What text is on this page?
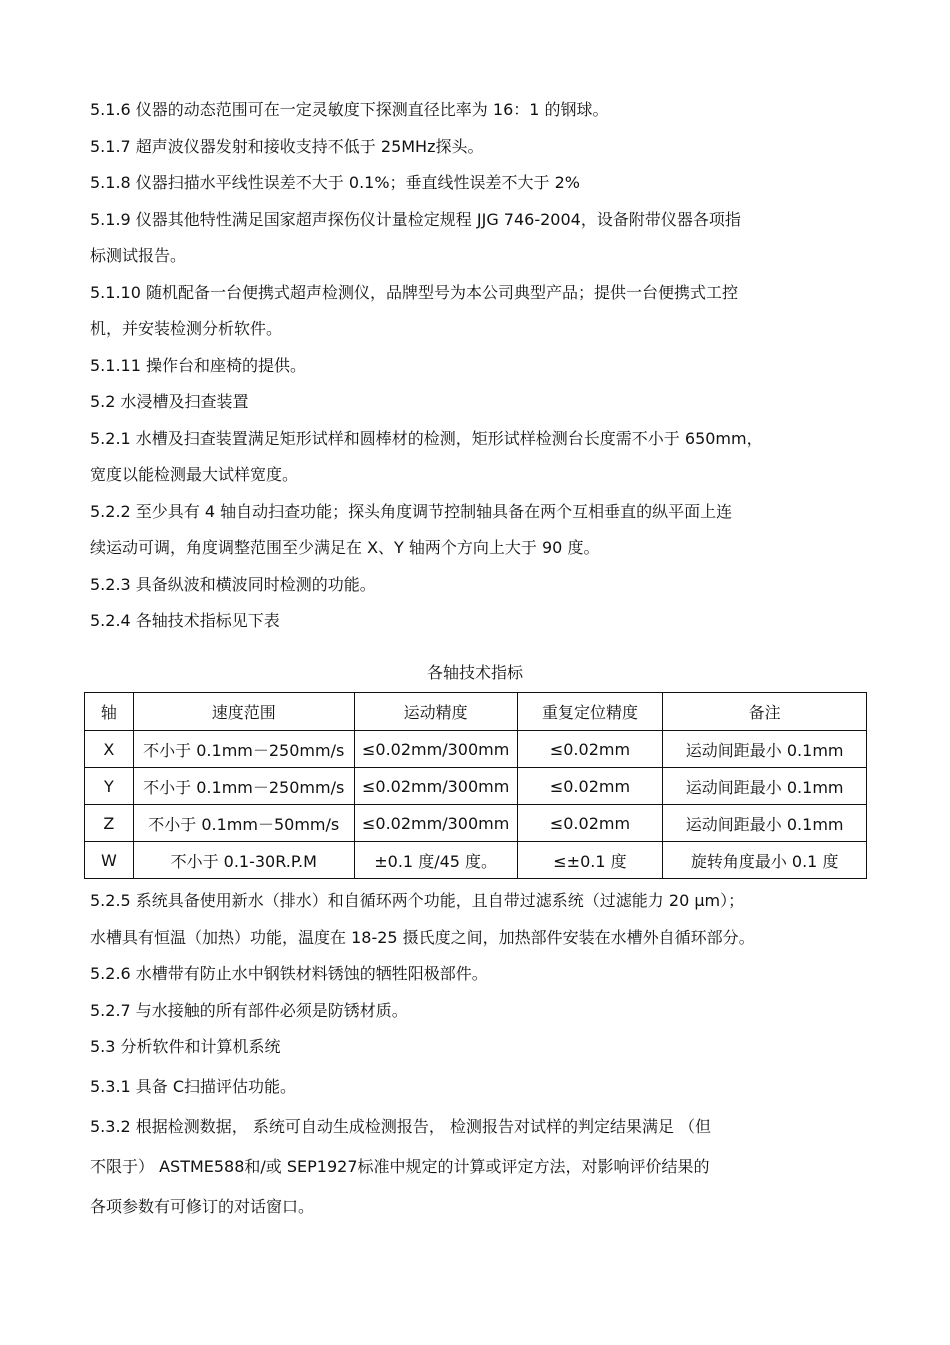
5.1.6 仪器的动态范围可在一定灵敏度下探测直径比率为 16：1 的钢球。
5.1.7 超声波仪器发射和接收支持不低于 25MHz探头。
5.1.8 仪器扫描水平线性误差不大于 0.1%；垂直线性误差不大于 2%
5.1.9 仪器其他特性满足国家超声探伤仪计量检定规程 JJG 746-2004，设备附带仪器各项指
标测试报告。
5.1.10 随机配备一台便携式超声检测仪，品牌型号为本公司典型产品；提供一台便携式工控
机，并安装检测分析软件。
5.1.11 操作台和座椅的提供。
5.2 水浸槽及扫查装置
5.2.1 水槽及扫查装置满足矩形试样和圆棒材的检测，矩形试样检测台长度需不小于 650mm，
宽度以能检测最大试样宽度。
5.2.2 至少具有 4 轴自动扫查功能；探头角度调节控制轴具备在两个互相垂直的纵平面上连
续运动可调，角度调整范围至少满足在 X、Y 轴两个方向上大于 90 度。
5.2.3 具备纵波和横波同时检测的功能。
5.2.4 各轴技术指标见下表
各轴技术指标
轴	速度范围	运动精度	重复定位精度	备注
X	不小于 0.1mm－250mm/s	≤0.02mm/300mm	≤0.02mm	运动间距最小 0.1mm
Y	不小于 0.1mm－250mm/s	≤0.02mm/300mm	≤0.02mm	运动间距最小 0.1mm
Z	不小于 0.1mm－50mm/s	≤0.02mm/300mm	≤0.02mm	运动间距最小 0.1mm
W	不小于 0.1-30R.P.M	±0.1 度/45 度。	≤±0.1 度	旋转角度最小 0.1 度
5.2.5 系统具备使用新水（排水）和自循环两个功能，且自带过滤系统（过滤能力 20 μm）；
水槽具有恒温（加热）功能，温度在 18-25 摄氏度之间，加热部件安装在水槽外自循环部分。
5.2.6 水槽带有防止水中钢铁材料锈蚀的牺牲阳极部件。
5.2.7 与水接触的所有部件必须是防锈材质。
5.3 分析软件和计算机系统
5.3.1 具备 C扫描评估功能。
5.3.2 根据检测数据， 系统可自动生成检测报告， 检测报告对试样的判定结果满足 （但
不限于） ASTME588和/或 SEP1927标准中规定的计算或评定方法，对影响评价结果的
各项参数有可修订的对话窗口。
